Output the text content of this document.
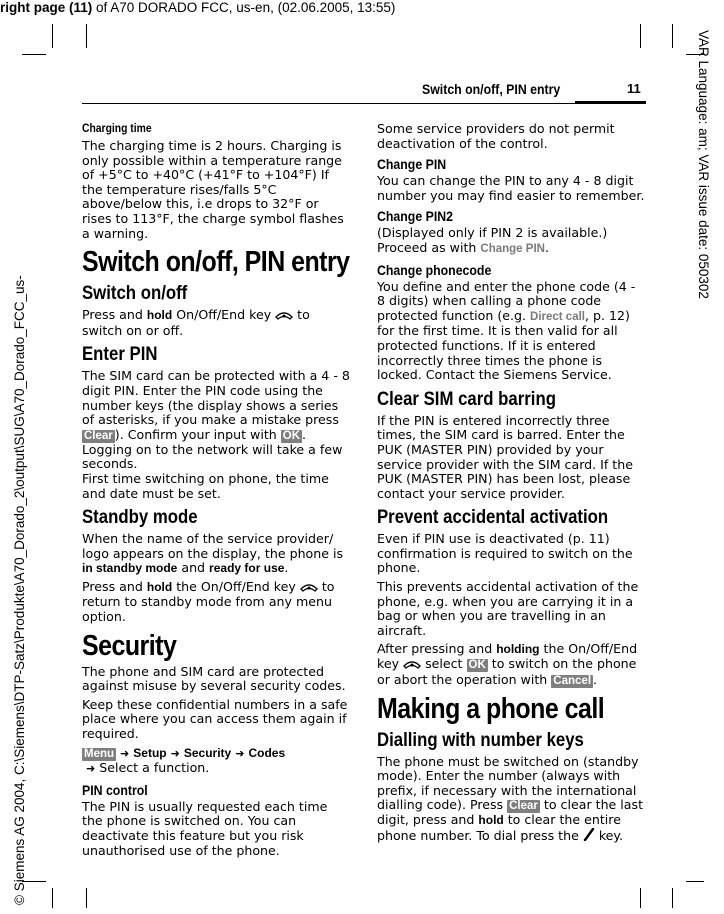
right page (11) of A70 DORADO FCC, us-en, (02.06.2005, 13:55)
© Siemens AG 2004, C:\Siemens\DTP-Satz\Produkte\A70_Dorado_2\output\SUG\A70_Dorado_FCC_us-
VAR Language: am; VAR issue date: 050302
Switch on/off, PIN entry	11
Charging time

The charging time is 2 hours. Charging is only possible within a temperature range of +5°C to +40°C (+41°F to +104°F) If the temperature rises/falls 5°C above/below this, i.e drops to 32°F or rises to 113°F, the charge symbol flashes a warning.

Switch on/off, PIN entry
Switch on/off

Press and hold On/Off/End key  to switch on or off.

Enter PIN

The SIM card can be protected with a 4 - 8 digit PIN. Enter the PIN code using the number keys (the display shows a series of asterisks, if you make a mistake press Clear ). Confirm your input with OK . Logging on to the network will take a few seconds.
First time switching on phone, the time and date must be set.

Standby mode

When the name of the service provider/ logo appears on the display, the phone is in standby mode and ready for use.

Press and hold the On/Off/End key  to return to standby mode from any menu option.

Security

The phone and SIM card are protected against misuse by several security codes.

Keep these confidential numbers in a safe place where you can access them again if required.

Menu ➜ Setup ➜ Security ➜ Codes
➜ Select a function.

PIN control

The PIN is usually requested each time the phone is switched on. You can deactivate this feature but you risk unauthorised use of the phone.

Some service providers do not permit deactivation of the control.

Change PIN

You can change the PIN to any 4 - 8 digit number you may find easier to remember.

Change PIN2

(Displayed only if PIN 2 is available.) Proceed as with Change PIN.

Change phonecode

You define and enter the phone code (4 - 8 digits) when calling a phone code protected function (e.g. Direct call, p. 12) for the first time. It is then valid for all protected functions. If it is entered incorrectly three times the phone is locked. Contact the Siemens Service.

Clear SIM card barring

If the PIN is entered incorrectly three times, the SIM card is barred. Enter the PUK (MASTER PIN) provided by your service provider with the SIM card. If the PUK (MASTER PIN) has been lost, please contact your service provider.

Prevent accidental activation

Even if PIN use is deactivated (p. 11) confirmation is required to switch on the phone.

This prevents accidental activation of the phone, e.g. when you are carrying it in a bag or when you are travelling in an aircraft.

After pressing and holding the On/Off/End key  select OK to switch on the phone or abort the operation with Cancel .

Making a phone call
Dialling with number keys

The phone must be switched on (standby mode). Enter the number (always with prefix, if necessary with the international dialling code). Press Clear to clear the last digit, press and hold to clear the entire phone number. To dial press the  key.
